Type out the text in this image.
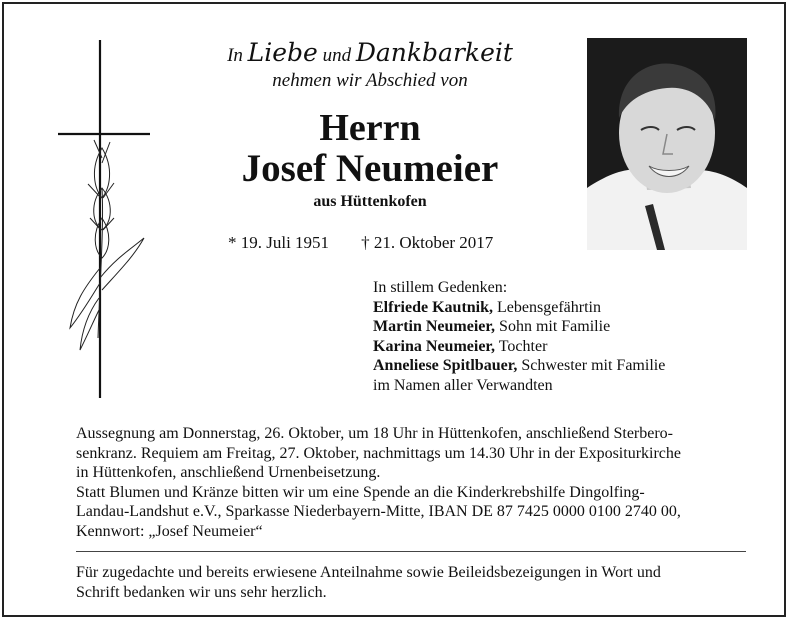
In Liebe und Dankbarkeit
nehmen wir Abschied von
Herrn
Josef Neumeier
aus Hüttenkofen
* 19. Juli 1951 † 21. Oktober 2017
In stillem Gedenken:
Elfriede Kautnik, Lebensgefährtin
Martin Neumeier, Sohn mit Familie
Karina Neumeier, Tochter
Anneliese Spitlbauer, Schwester mit Familie
im Namen aller Verwandten
Aussegnung am Donnerstag, 26. Oktober, um 18 Uhr in Hüttenkofen, anschließend Sterbero-
senkranz. Requiem am Freitag, 27. Oktober, nachmittags um 14.30 Uhr in der Expositurkirche
in Hüttenkofen, anschließend Urnenbeisetzung.
Statt Blumen und Kränze bitten wir um eine Spende an die Kinderkrebshilfe Dingolfing-
Landau-Landshut e.V., Sparkasse Niederbayern-Mitte, IBAN DE 87 7425 0000 0100 2740 00,
Kennwort: „Josef Neumeier“
Für zugedachte und bereits erwiesene Anteilnahme sowie Beileidsbezeigungen in Wort und
Schrift bedanken wir uns sehr herzlich.
